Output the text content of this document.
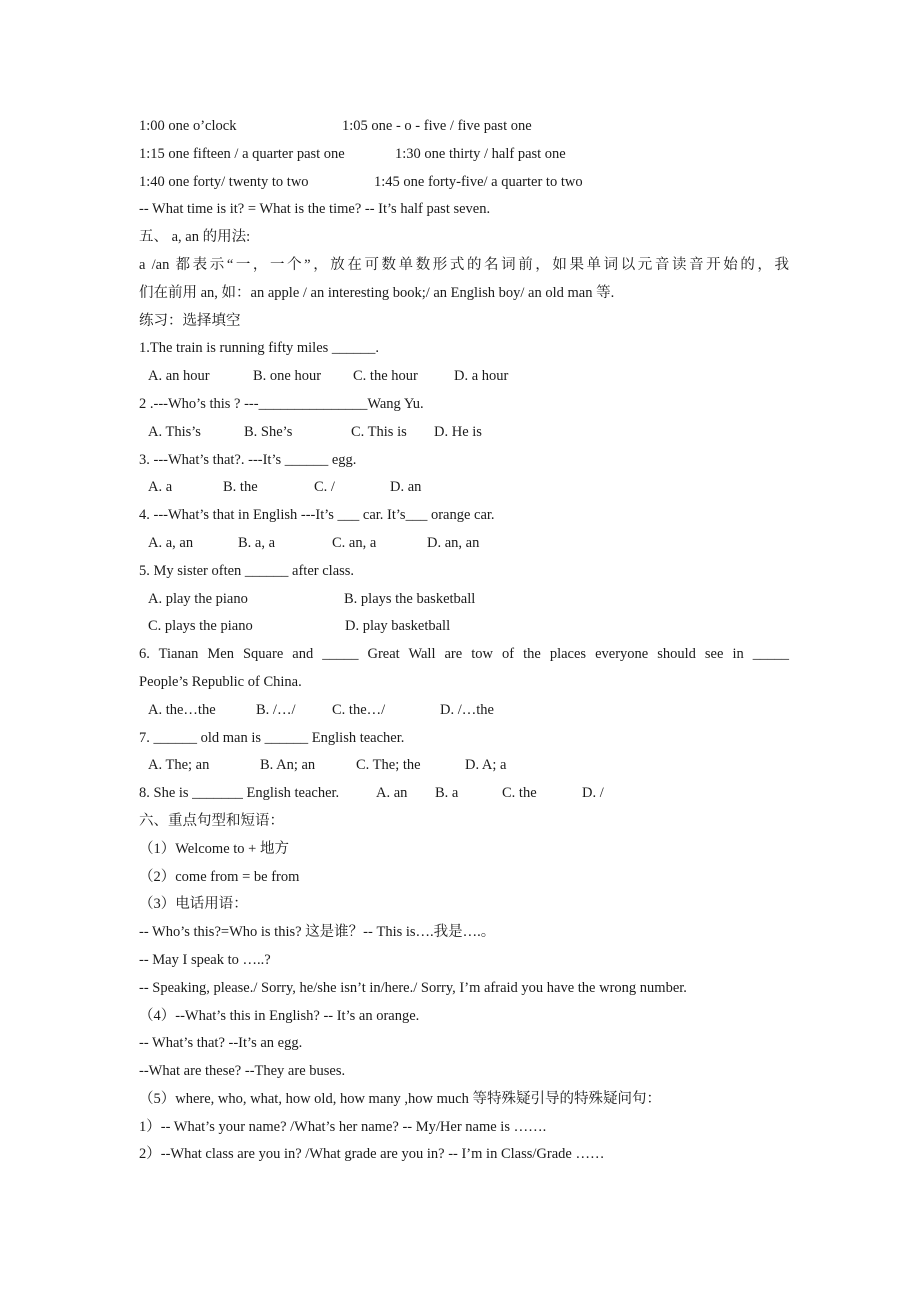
1:00 one o’clock	1:05 one - o - five / five past one
1:15 one fifteen / a quarter past one	1:30 one thirty / half past one
1:40 one forty/ twenty to two	1:45 one forty-five/ a quarter to two
-- What time is it? = What is the time? -- It’s half past seven.
五、 a, an 的用法:
a /an 都表示“一，一个”，放在可数单数形式的名词前，如果单词以元音读音开始的，我
们在前用 an, 如：an apple / an interesting book;/ an English boy/ an old man 等.
练习：选择填空
1.The train is running fifty miles ______.
A. an hour	B. one hour C. the hour D. a hour
2 .---Who’s this ? ---_______________Wang Yu.
A. This’s	B. She’s	C. This is D. He is
3. ---What’s that?. ---It’s ______ egg.
A. a	B. the	C. /	D. an
4. ---What’s that in English ---It’s ___ car. It’s___ orange car.
A. a, an	B. a, a	C. an, a	D. an, an
5. My sister often ______ after class.
A. play the piano	B. plays the basketball
C. plays the piano	D. play basketball
6. Tianan Men Square and _____ Great Wall are tow of the places everyone should see in _____
People’s Republic of China.
A. the…the	B. /…/	C. the…/	D. /…the
7. ______ old man is ______ English teacher.
A. The; an	B. An; an	C. The; the	D. A; a
8. She is _______ English teacher.	A. an B. a	C. the	D. /
六、重点句型和短语：
（1）Welcome to + 地方
（2）come from = be from
（3）电话用语：
-- Who’s this?=Who is this? 这是谁？-- This is….我是….。
-- May I speak to …..?
-- Speaking, please./ Sorry, he/she isn’t in/here./ Sorry, I’m afraid you have the wrong number.
（4）--What’s this in English? -- It’s an orange.
-- What’s that? --It’s an egg.
--What are these? --They are buses.
（5）where, who, what, how old, how many ,how much 等特殊疑引导的特殊疑问句：
1）-- What’s your name? /What’s her name? -- My/Her name is …….
2）--What class are you in? /What grade are you in? -- I’m in Class/Grade ……
